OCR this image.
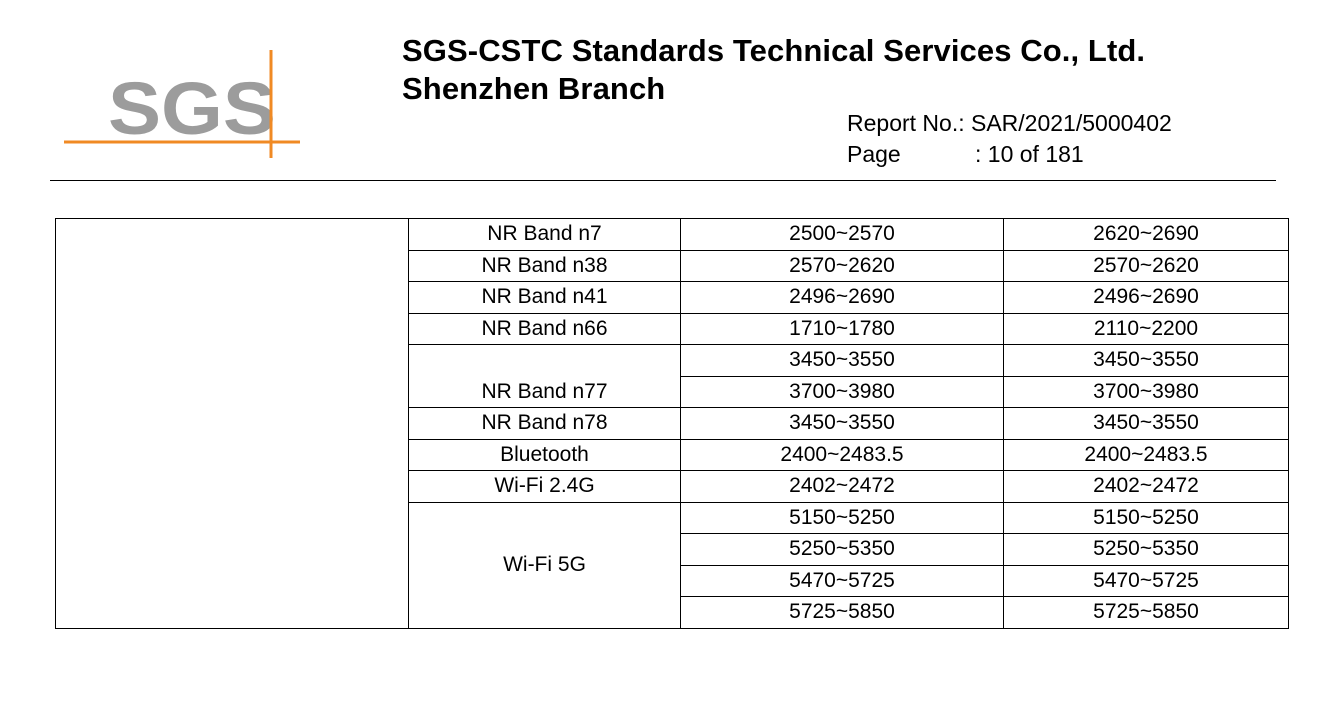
SGS
SGS-CSTC Standards Technical Services Co., Ltd.
Shenzhen Branch
Report No.: SAR/2021/5000402
Page	: 10 of 181
	NR Band n7	2500~2570	2620~2690
	NR Band n38	2570~2620	2570~2620
	NR Band n41	2496~2690	2496~2690
	NR Band n66	1710~1780	2110~2200
		3450~3550	3450~3550
	NR Band n77	3700~3980	3700~3980
	NR Band n78	3450~3550	3450~3550
	Bluetooth	2400~2483.5	2400~2483.5
	Wi-Fi 2.4G	2402~2472	2402~2472
	Wi-Fi 5G	5150~5250	5150~5250
		5250~5350	5250~5350
		5470~5725	5470~5725
		5725~5850	5725~5850
